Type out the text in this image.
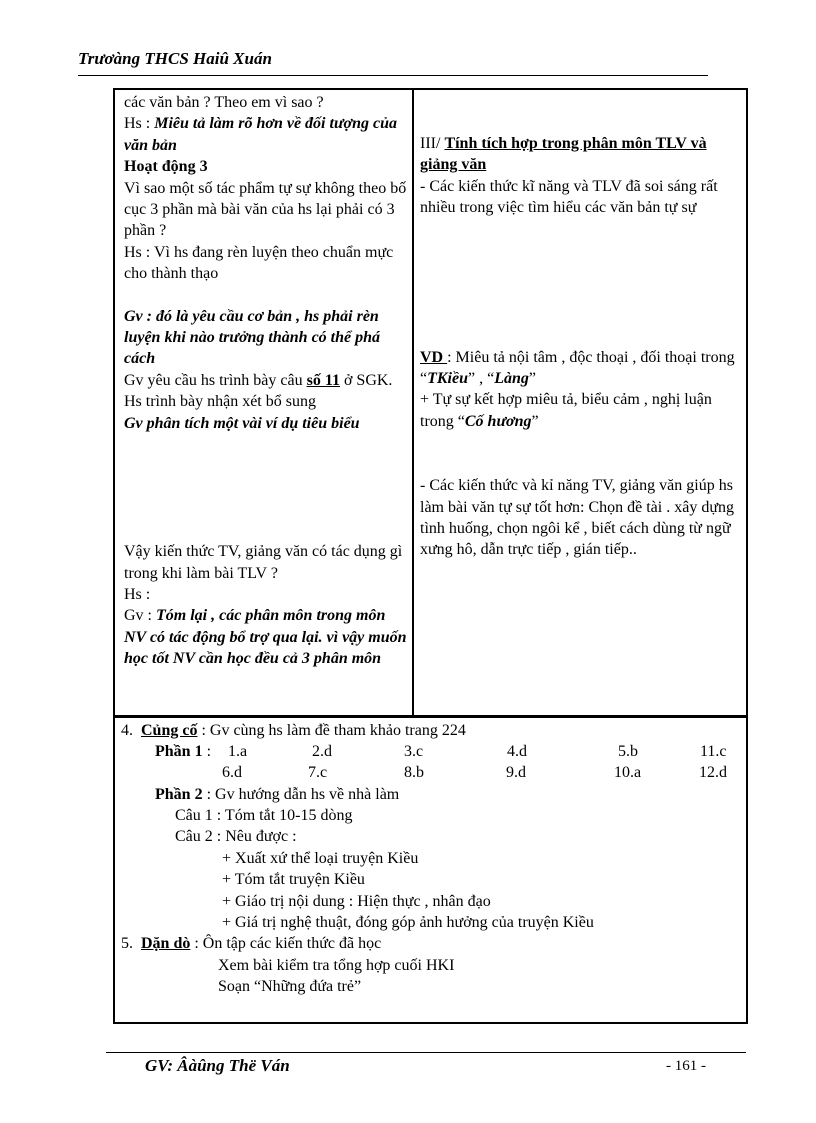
Trươàng THCS Haiû Xuán

các văn bản ? Theo em vì sao ?

Hs : Miêu tả làm rõ hơn về đối tượng của văn bản

Hoạt động 3

Vì sao một số tác phẩm tự sự không theo bố cục 3 phần mà bài văn của hs lại phải có 3 phần ?

Hs : Vì hs đang rèn luyện theo chuẩn mực cho thành thạo

Gv : đó là yêu cầu cơ bản , hs phải rèn luyện khi nào trưởng thành có thể phá cách

Gv yêu cầu hs trình bày câu số 11 ở SGK.

Hs trình bày nhận xét bổ sung

Gv phân tích một vài ví dụ tiêu biểu

Vậy kiến thức TV, giảng văn có tác dụng gì trong khi làm bài TLV ?

Hs :

Gv : Tóm lại , các phân môn trong môn NV có tác động bổ trợ qua lại. vì vậy muốn học tốt NV cần học đều cả 3 phân môn

III/ Tính tích hợp trong phân môn TLV và giảng văn

- Các kiến thức kĩ năng và TLV đã soi sáng rất nhiều trong việc tìm hiểu các văn bản tự sự

VD : Miêu tả nội tâm , độc thoại , đối thoại trong “TKiều” , “Làng”

+ Tự sự kết hợp miêu tả, biểu cảm , nghị luận trong “Cố hương”

- Các kiến thức và kỉ năng TV, giảng văn giúp hs làm bài văn tự sự tốt hơn: Chọn đề tài . xây dựng tình huống, chọn ngôi kể , biết cách dùng từ ngữ xưng hô, dẫn trực tiếp , gián tiếp..

4. Củng cố : Gv cùng hs làm đề tham khảo trang 224
Phần 1 : 1.a	2.d	3.c	4.d	5.b	11.c
6.d	7.c	8.b	9.d	10.a	12.d
Phần 2 : Gv hướng dẫn hs về nhà làm
Câu 1 : Tóm tắt 10-15 dòng
Câu 2 : Nêu được :
+ Xuất xứ thể loại truyện Kiều
+ Tóm tắt truyện Kiều
+ Giáo trị nội dung : Hiện thực , nhân đạo
+ Giá trị nghệ thuật, đóng góp ảnh hưởng của truyện Kiều
5. Dặn dò : Ôn tập các kiến thức đã học
Xem bài kiểm tra tổng hợp cuối HKI
Soạn “Những đứa trẻ”
GV: Âàûng Thë Ván	- 161 -
